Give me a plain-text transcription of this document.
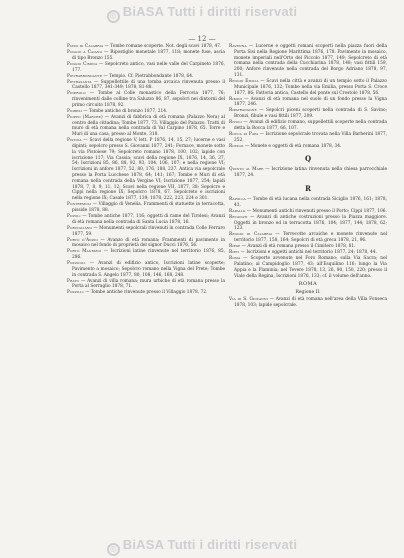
© BiASA Tutti i diritti riservati
— 12 —
Pizzo di Calabria — Tombe romane scoperte. Not. degli scavi 1878, 47.
Poggio a Caiano — Ripostiglio monetale 1877, 118; monete fuse, ascia di tipo Bronzo 155.
Poggio Cimina — Sepolcreto antico, vasi nelle valle del Carpineto 1876, 177.
Pietrabbondante — Tempio. Cf. Pietrabbondante 1878, 64.
Pietrasanta — Suppellettile di una tomba arcaica rinvenuta presso il Castello 1877, 341-349; 1878, 81-88.
Pinerolo — Tombe al Colle monastico della Ferrovia 1877, 76; rinvenimenti dalle colline tra Saluzzo 86, 87, sepolcri nei dintorni del primo circuito 1878, 92.
Piobesi — Tombe antiche di bronzo 1877, 214.
Pioppo (Marche) — Avanzi di fabbrica di età romana (Palazzo Nera) al centro della cittadina; Tombe 1877, 73. Villaggio del Palazzo. Tratti di muro di età romana nella contrada di Val Carpino 1878, 65. Torre e Muri di una casa, presso al Monte, 318.
Pistoia — Scavi della regione V, lett. P 1876, 14, 15, 27; lucerne e vasi dipinti; sepolcro presso S. Giovanni 1877, 241; Fornace, monete sotto la via Pistoiese 79; Sepolcreto romano 1878, 100, 102; lapide con iscrizione 117; Via Cassia; scavi della regione IX, 1876, 14, 36, 37, 54; Iscrizioni 85, 86, 88, 92, 93, 104, 106, 107; e nella regione VI; Iscrizioni in anfore 1877, 52, 80, 176, 188, 237. Antica via sepolcrale presso la Porta Lucchese 1878, 64; 141; 167; Tombe e Muri di età romana nella contrada della Vergine VI; Iscrizione 1877, 254; lapidi 1878, 7, 8, 9, 11, 12; Scavi nella regione VII, 1877, 38; Sepolcro e Cippi nella regione IX; Sepolcro 1878, 67. Sepolcreto e iscrizioni nella regione IX; Casale 1877, 139; 1878, 222, 223, 224 e 301.
Pontremoli — Villaggio di Venelia. Frammenti di statuette in terracotta, pisside 1878, 88.
Popoli — Tombe antiche 1877, 116; oggetti di rame del Tirolesi; Avanzi di età romana nella contrada di Santa Lucia 1878, 16.
Porcigliano — Monumenti sepolcrali rinvenuti in contrada Colle Ferraro 1877, 59.
Porto d'Anzio — Avanzo di età romana; Frammenti di pavimento in mosaico nel fondo di proprietà del signor Ducci 1876, 56.
Porto Maurizio — Iscrizioni latine rinvenute nel territorio 1876, 85, 286.
Pozzuoli — Avanzi di edifizio antico, Iscrizioni latine scoperte; Pavimento a mosaico; Sepolcro romano nella Vigna del Prete; Tombe in contrada S. Angelo 1877, 80, 108, 146, 168, 248.
Prato — Avanzi di villa romana; mura urbiche di età romana presso la Porta al Serraglio 1878, 71.
Pozzilli — Tombe antiche rinvenute presso il Villaggio 1878, 72.
Ravenna — Lucerne e oggetti romani scoperti nella piazza fuori della Porta Sisi nella Regione Marittima 1876, 178. Pavimento in mosaico, monete imperiali nell'Orto del Piccolo 1877, 149; Sepolcreto di età romana nella contrada della Cucchiarina 1878, 148; vasi fittili 159, 200; Anfore rinvenute nella contrada del Borgo Adriano 1878, 97, 131.
Reggio Emilia — Scavi nella città e avanzi di un tempio sotto il Palazzo Municipale 1876, 132; Tombe nella via Emilia, presso Porta S. Croce 1877, 86; Fattoria antica, Castello del ponte sul Crostolo 1878, 56.
Rimini — Avanzi di età romana nel suolo di un fondo presso la Vigna 1877, 246.
Ripatransone — Sepolcri piceni scoperti nella contrada di S. Savino; Bronzi, fibule e vasi fittili 1877, 209.
Rivoli — Avanzi di edifizio romano, suppellettili scoperte nella contrada detta la Rocca 1877, 66, 107.
Rocca di Papa — Iscrizione sepolcrale trovata nella Villa Barberini 1877, 252.
Rovigo — Monete e oggetti di età romana 1878, 34.
Q
Quinto al Mare — Iscrizione latina rinvenuta nella chiesa parrocchiale 1877, 24.
R
Rapolla — Tombe di età lucana nella contrada Siciglio 1876, 161; 1878, 43.
Rapallo — Monumenti antichi rinvenuti presso il Porto; Cippi 1877, 106.
Recanati — Avanzi di antiche costruzioni presso la Piazza maggiore. Oggetti in bronzo ed in terracotta 1876, 104; 1877, 144; 1878, 62; 123.
Reggio di Calabria — Terrecotte arcaiche e monete rinvenute nel territorio 1877, 158, 164; Sepolcri di età greca 1878, 21, 96.
Riese — Avanzi di età romana presso il Cimitero 1878, 81.
Rieti — Iscrizioni e oggetti antichi nel territorio 1877, 24; 1878, 44.
Roma — Scoperte avvenute nel Foro Romano; sulla Via Sacra; nel Palatino; al Campidoglio 1877, 43; all'Esquilino 116; lungo la Via Appia e la Flaminia; nel Tevere 1878, 13, 26, 90, 150, 220; presso il Viale della Regina, Iscrizioni 1876, 133; cf. il volume dell'anno.
ROMA
Regione II.
Via di S. Giovanni — Avanzi di età romana nell'area della Villa Fonseca 1878, 103; lapide sepolcrale.
© BiASA Tutti i diritti riservati
